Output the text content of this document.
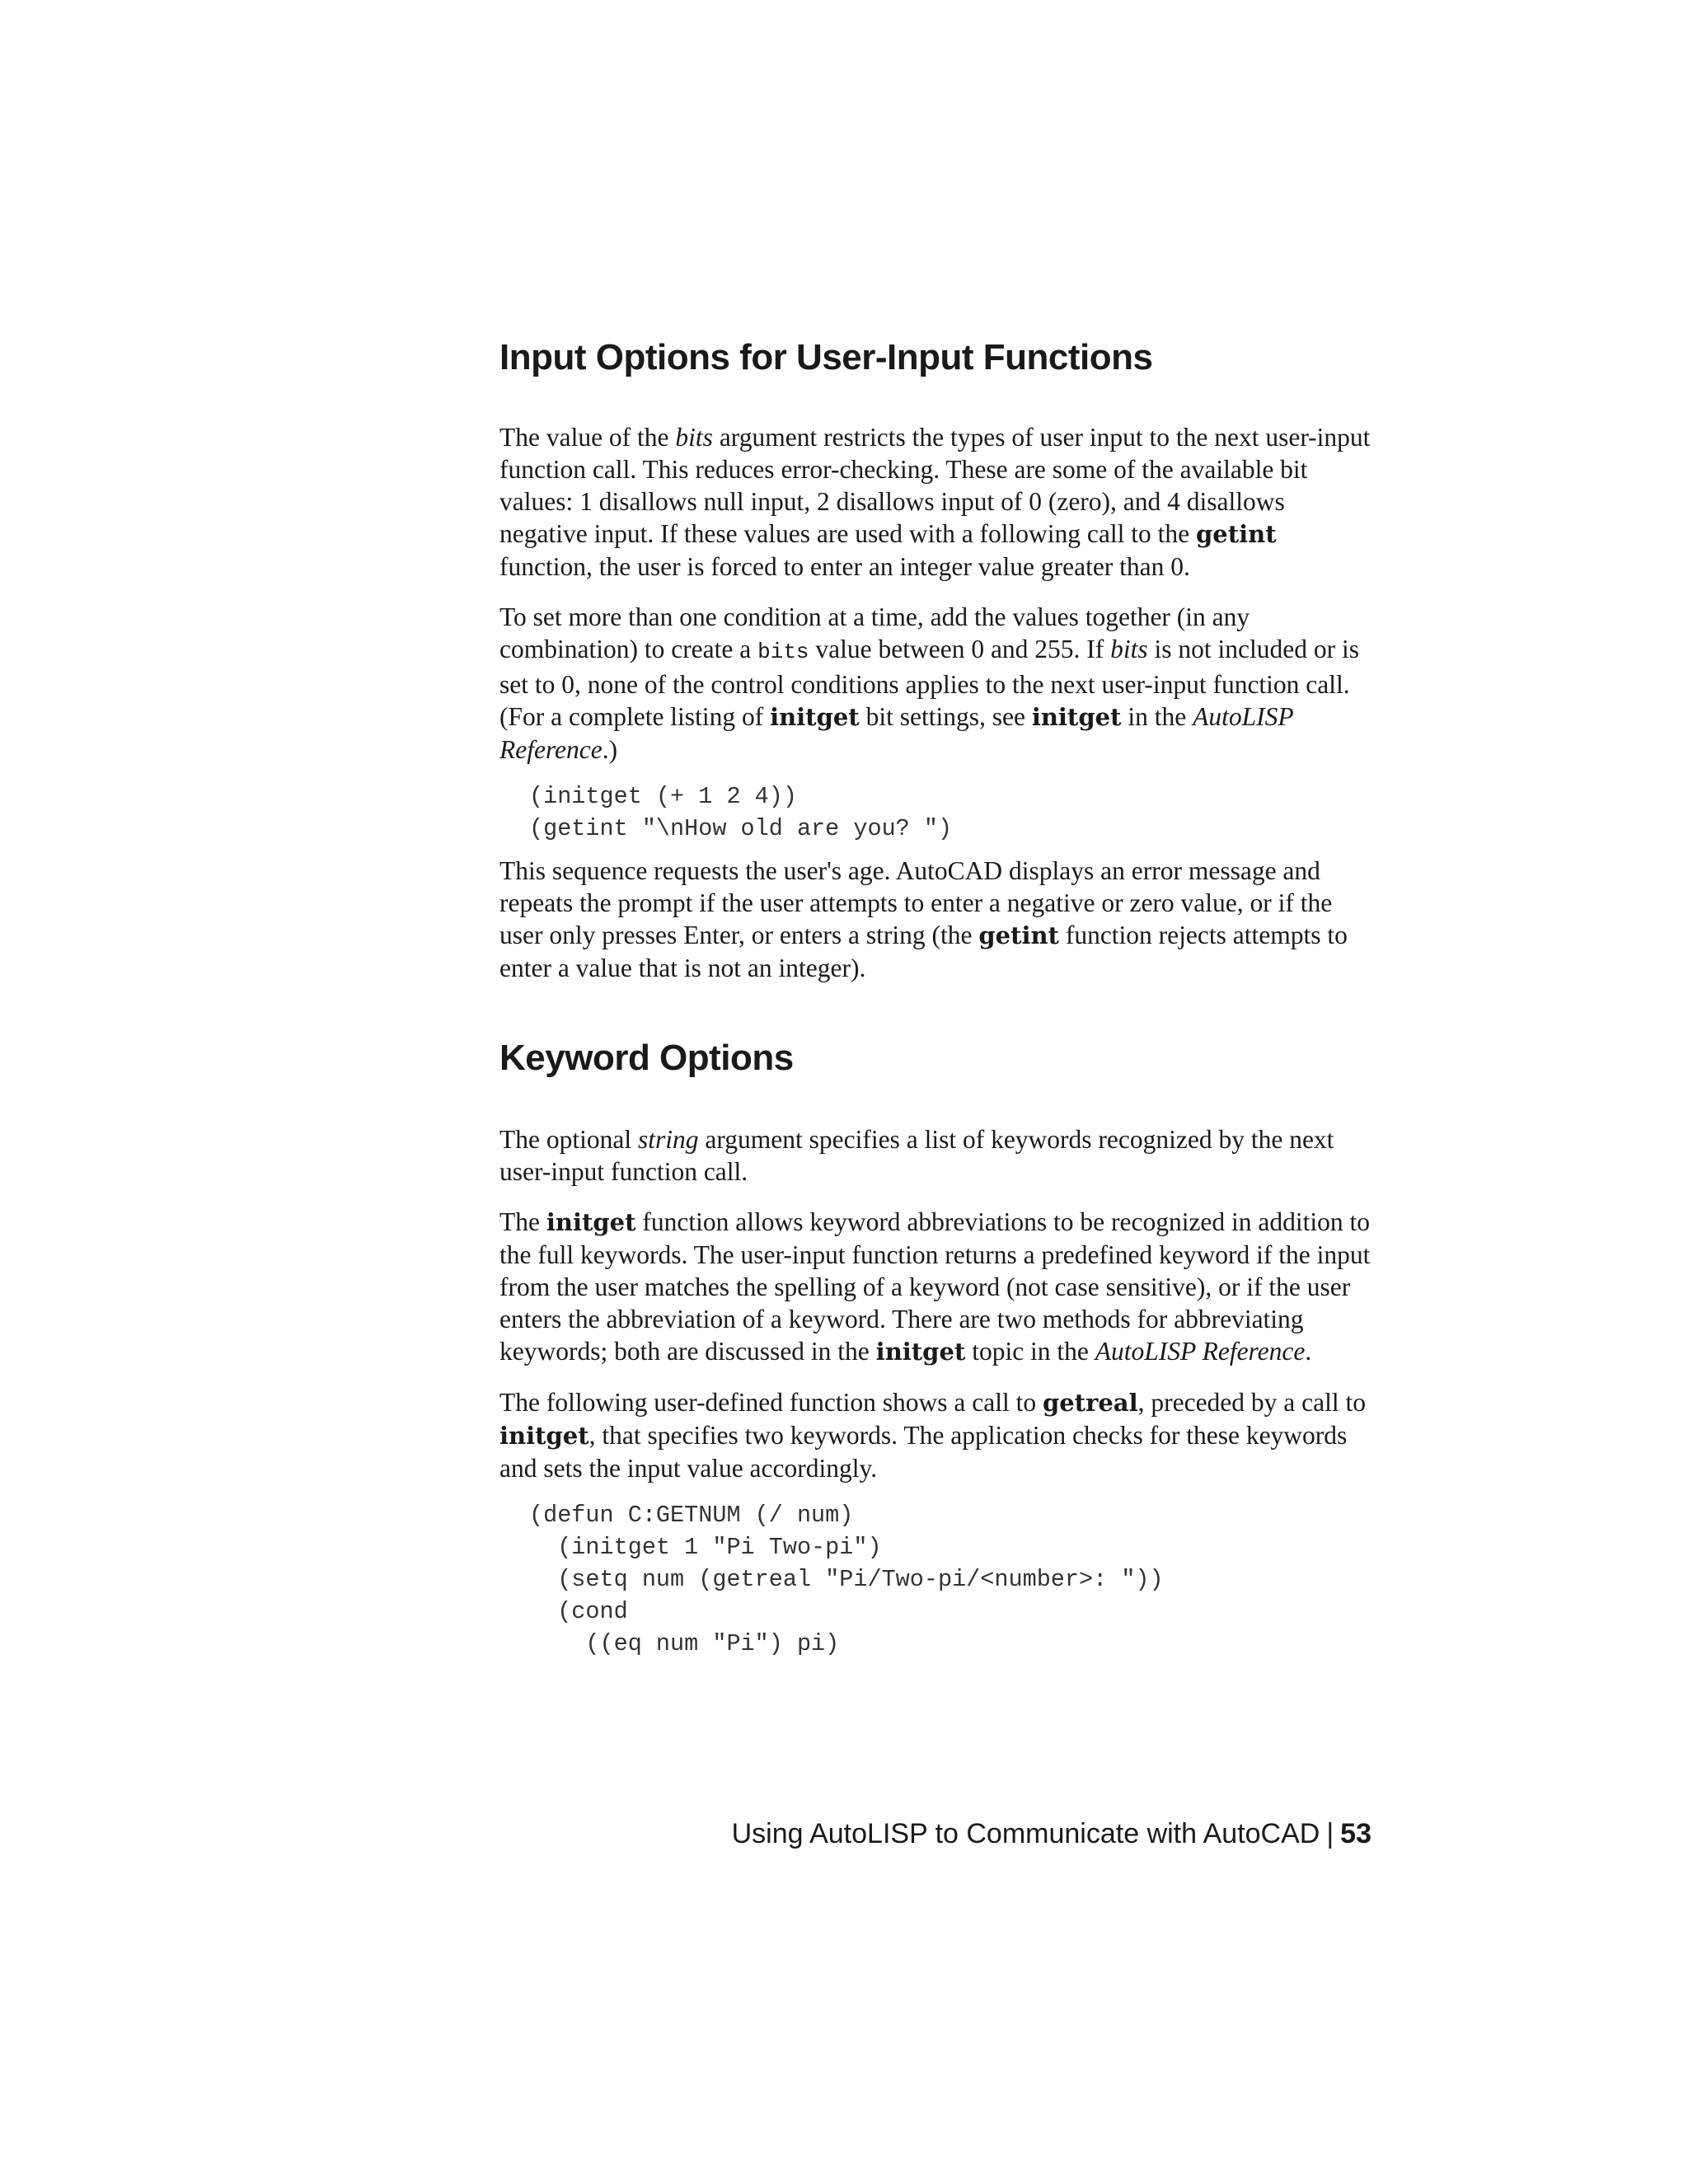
Input Options for User-Input Functions

The value of the bits argument restricts the types of user input to the next user-input function call. This reduces error-checking. These are some of the available bit values: 1 disallows null input, 2 disallows input of 0 (zero), and 4 disallows negative input. If these values are used with a following call to the getint function, the user is forced to enter an integer value greater than 0.

To set more than one condition at a time, add the values together (in any combination) to create a bits value between 0 and 255. If bits is not included or is set to 0, none of the control conditions applies to the next user-input function call. (For a complete listing of initget bit settings, see initget in the AutoLISP Reference.)

(initget (+ 1 2 4))
(getint "\nHow old are you? ")

This sequence requests the user's age. AutoCAD displays an error message and repeats the prompt if the user attempts to enter a negative or zero value, or if the user only presses Enter, or enters a string (the getint function rejects attempts to enter a value that is not an integer).

Keyword Options

The optional string argument specifies a list of keywords recognized by the next user-input function call.

The initget function allows keyword abbreviations to be recognized in addition to the full keywords. The user-input function returns a predefined keyword if the input from the user matches the spelling of a keyword (not case sensitive), or if the user enters the abbreviation of a keyword. There are two methods for abbreviating keywords; both are discussed in the initget topic in the AutoLISP Reference.

The following user-defined function shows a call to getreal, preceded by a call to initget, that specifies two keywords. The application checks for these keywords and sets the input value accordingly.

(defun C:GETNUM (/ num)
(initget 1 "Pi Two-pi")
(setq num (getreal "Pi/Two-pi/<number>: "))
(cond
((eq num "Pi") pi)
Using AutoLISP to Communicate with AutoCAD | 53
